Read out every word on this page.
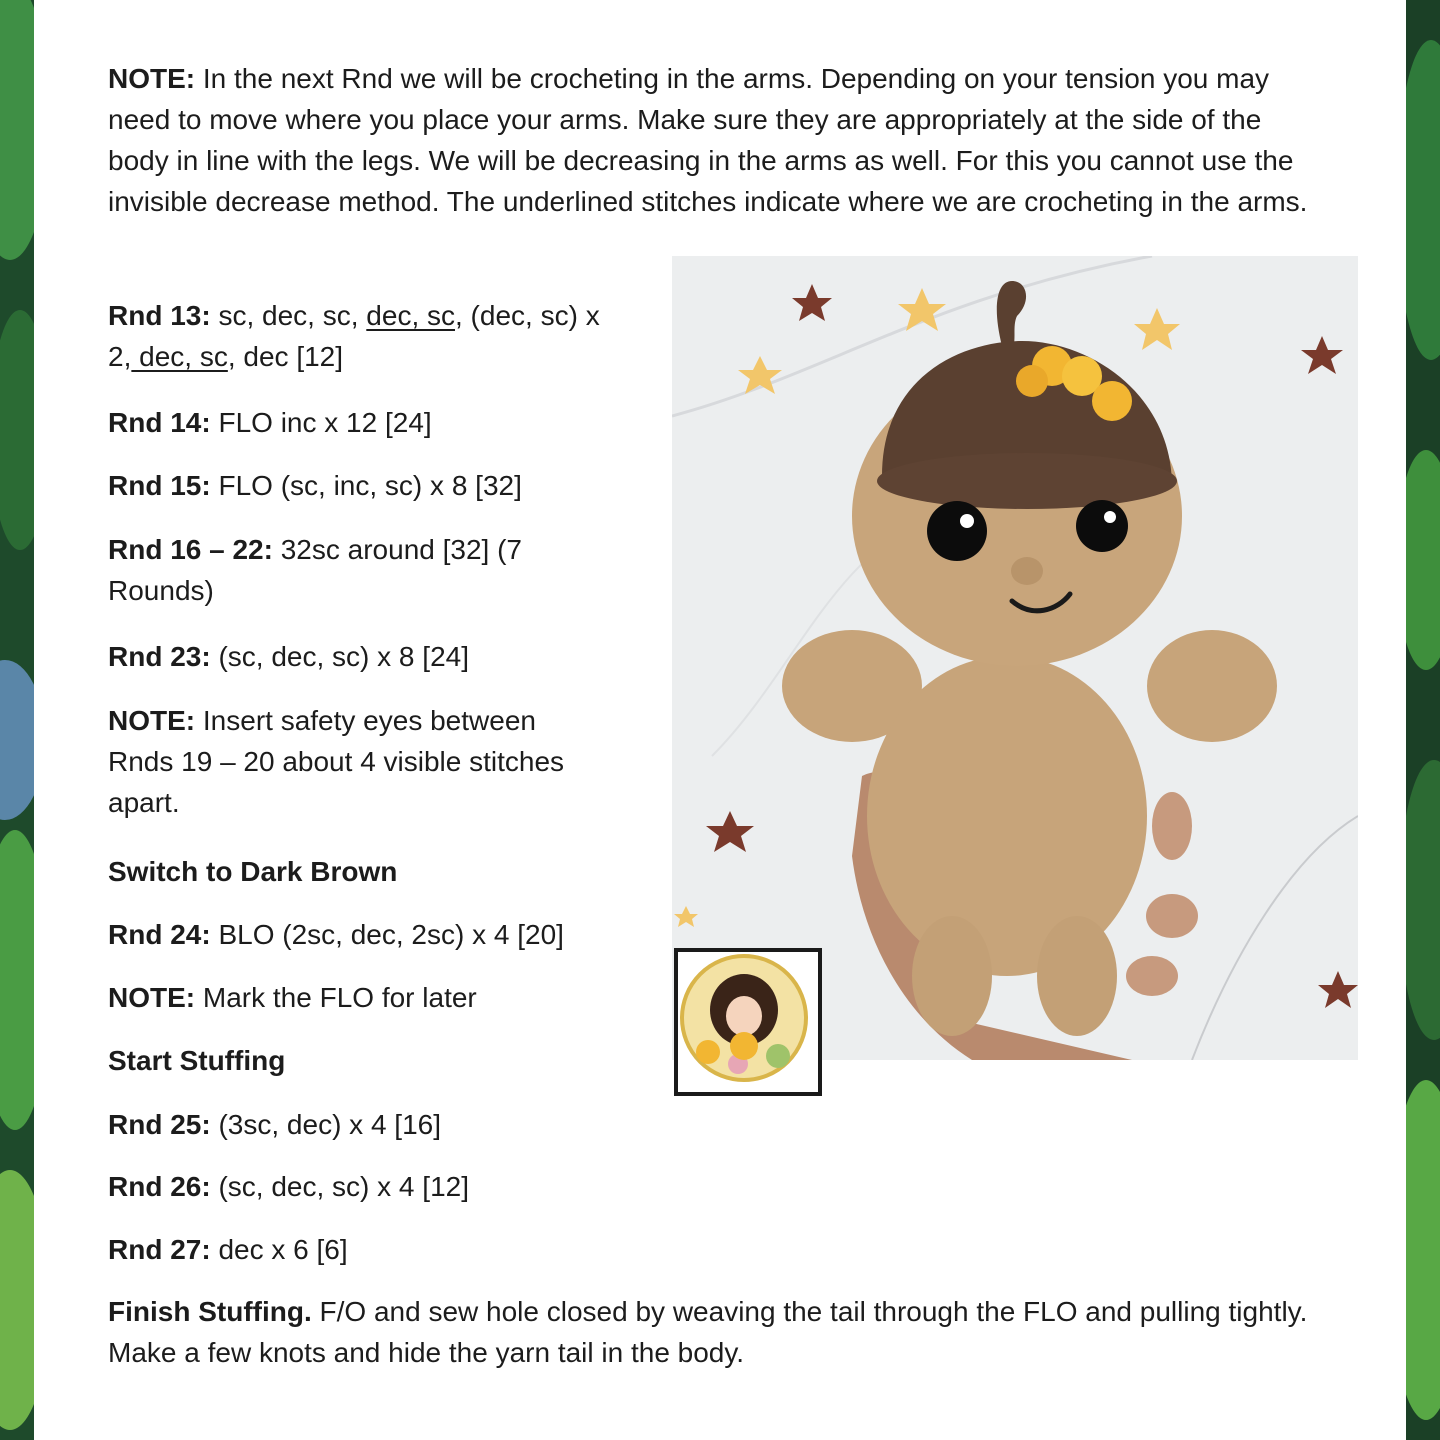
NOTE: In the next Rnd we will be crocheting in the arms. Depending on your tension you may need to move where you place your arms. Make sure they are appropriately at the side of the body in line with the legs. We will be decreasing in the arms as well. For this you cannot use the invisible decrease method. The underlined stitches indicate where we are crocheting in the arms.

Rnd 13: sc, dec, sc, dec, sc, (dec, sc) x 2, dec, sc, dec [12]

Rnd 14: FLO inc x 12 [24]

Rnd 15: FLO (sc, inc, sc) x 8 [32]

Rnd 16 – 22: 32sc around [32] (7 Rounds)

Rnd 23: (sc, dec, sc) x 8 [24]

NOTE: Insert safety eyes between Rnds 19 – 20 about 4 visible stitches apart.

Switch to Dark Brown

Rnd 24: BLO (2sc, dec, 2sc) x 4 [20]

NOTE: Mark the FLO for later

Start Stuffing

Rnd 25: (3sc, dec) x 4 [16]

Rnd 26: (sc, dec, sc) x 4 [12]

Rnd 27: dec x 6 [6]

Finish Stuffing. F/O and sew hole closed by weaving the tail through the FLO and pulling tightly. Make a few knots and hide the yarn tail in the body.
